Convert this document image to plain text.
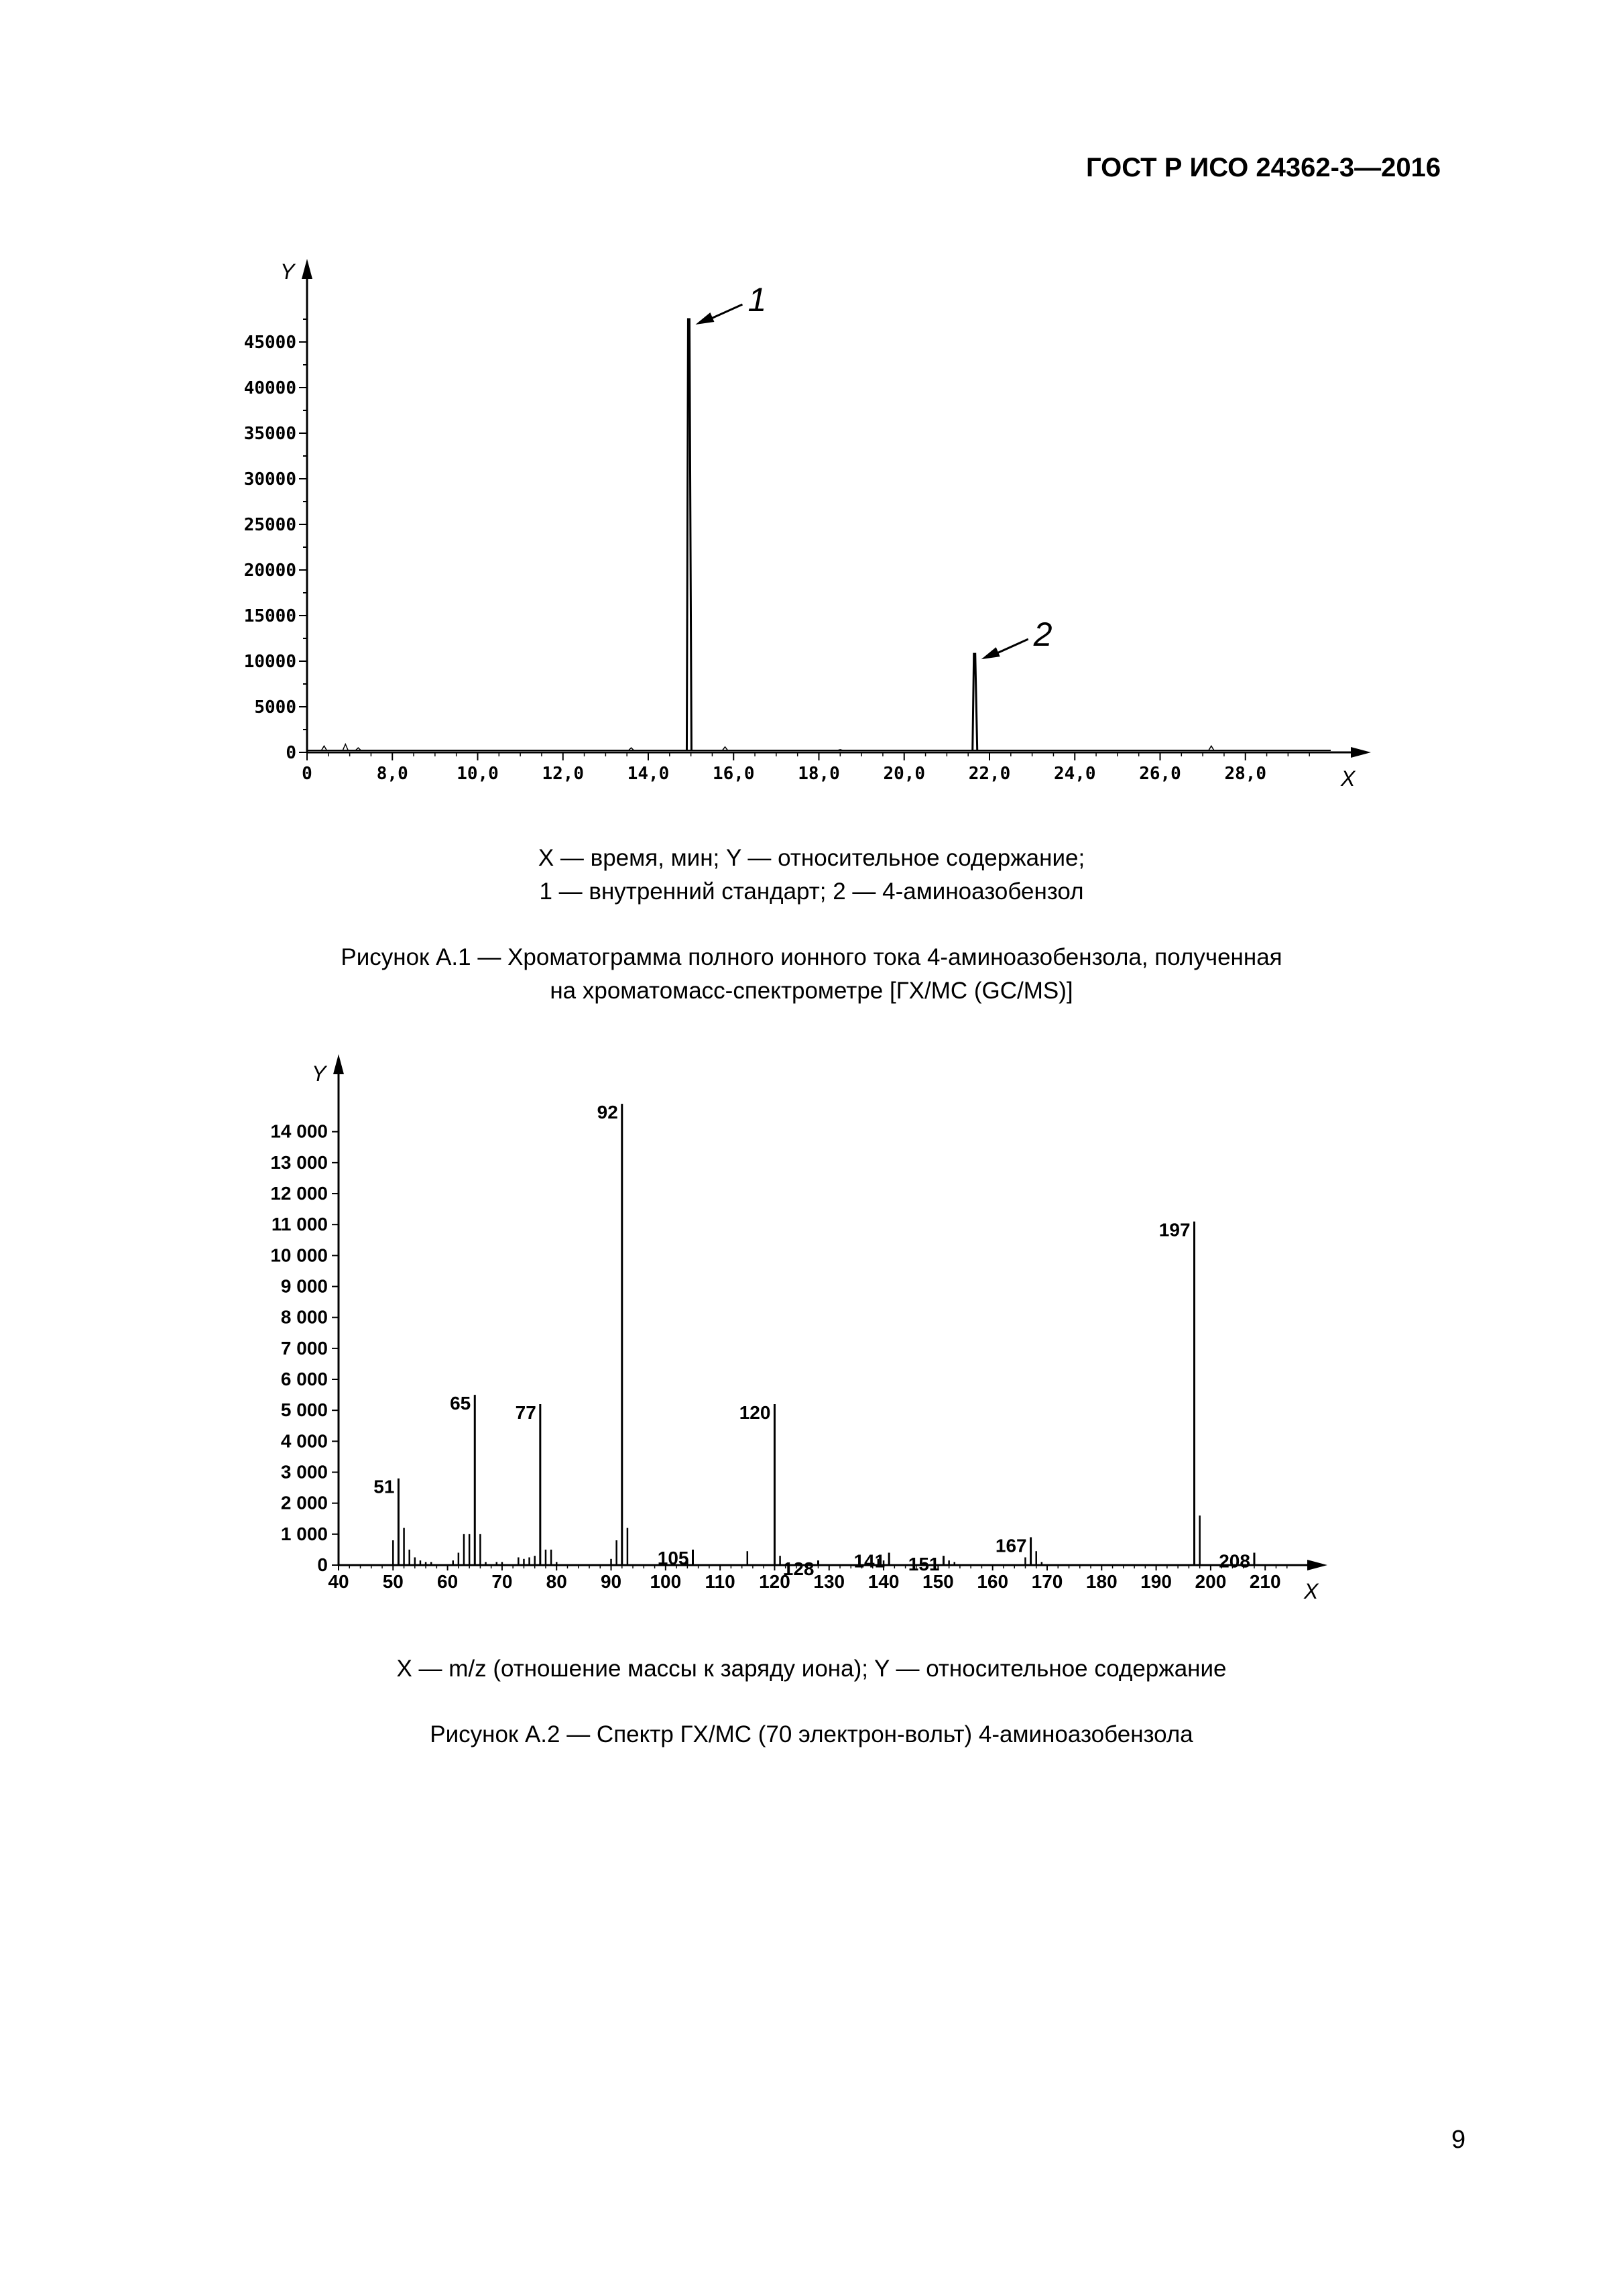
ГОСТ Р ИСО 24362-3—2016
Y
X
0
5000
10000
15000
20000
25000
30000
35000
40000
45000
0	8,0	10,0 12,0 14,0 16,0 18,0 20,0 22,0 24,0 26,0 28,0
1
2
X — время, мин; Y — относительное содержание;
1 — внутренний стандарт; 2 — 4-аминоазобензол
Рисунок А.1 — Хроматограмма полного ионного тока 4-аминоазобензола, полученная
на хроматомасс-спектрометре [ГХ/МС (GC/MS)]
Y
X
0
1 000
2 000
3 000
4 000
5 000
6 000
7 000
8 000
9 000
10 000
11 000
12 000
13 000
14 000
40 50 60 70 80 90 100 110 120 130 140 150 160 170 180 190 200 210
51
65 77
92
105
120
128 141 151
167
197
208
X — m/z (отношение массы к заряду иона); Y — относительное содержание
Рисунок А.2 — Спектр ГХ/МС (70 электрон-вольт) 4-аминоазобензола
9
